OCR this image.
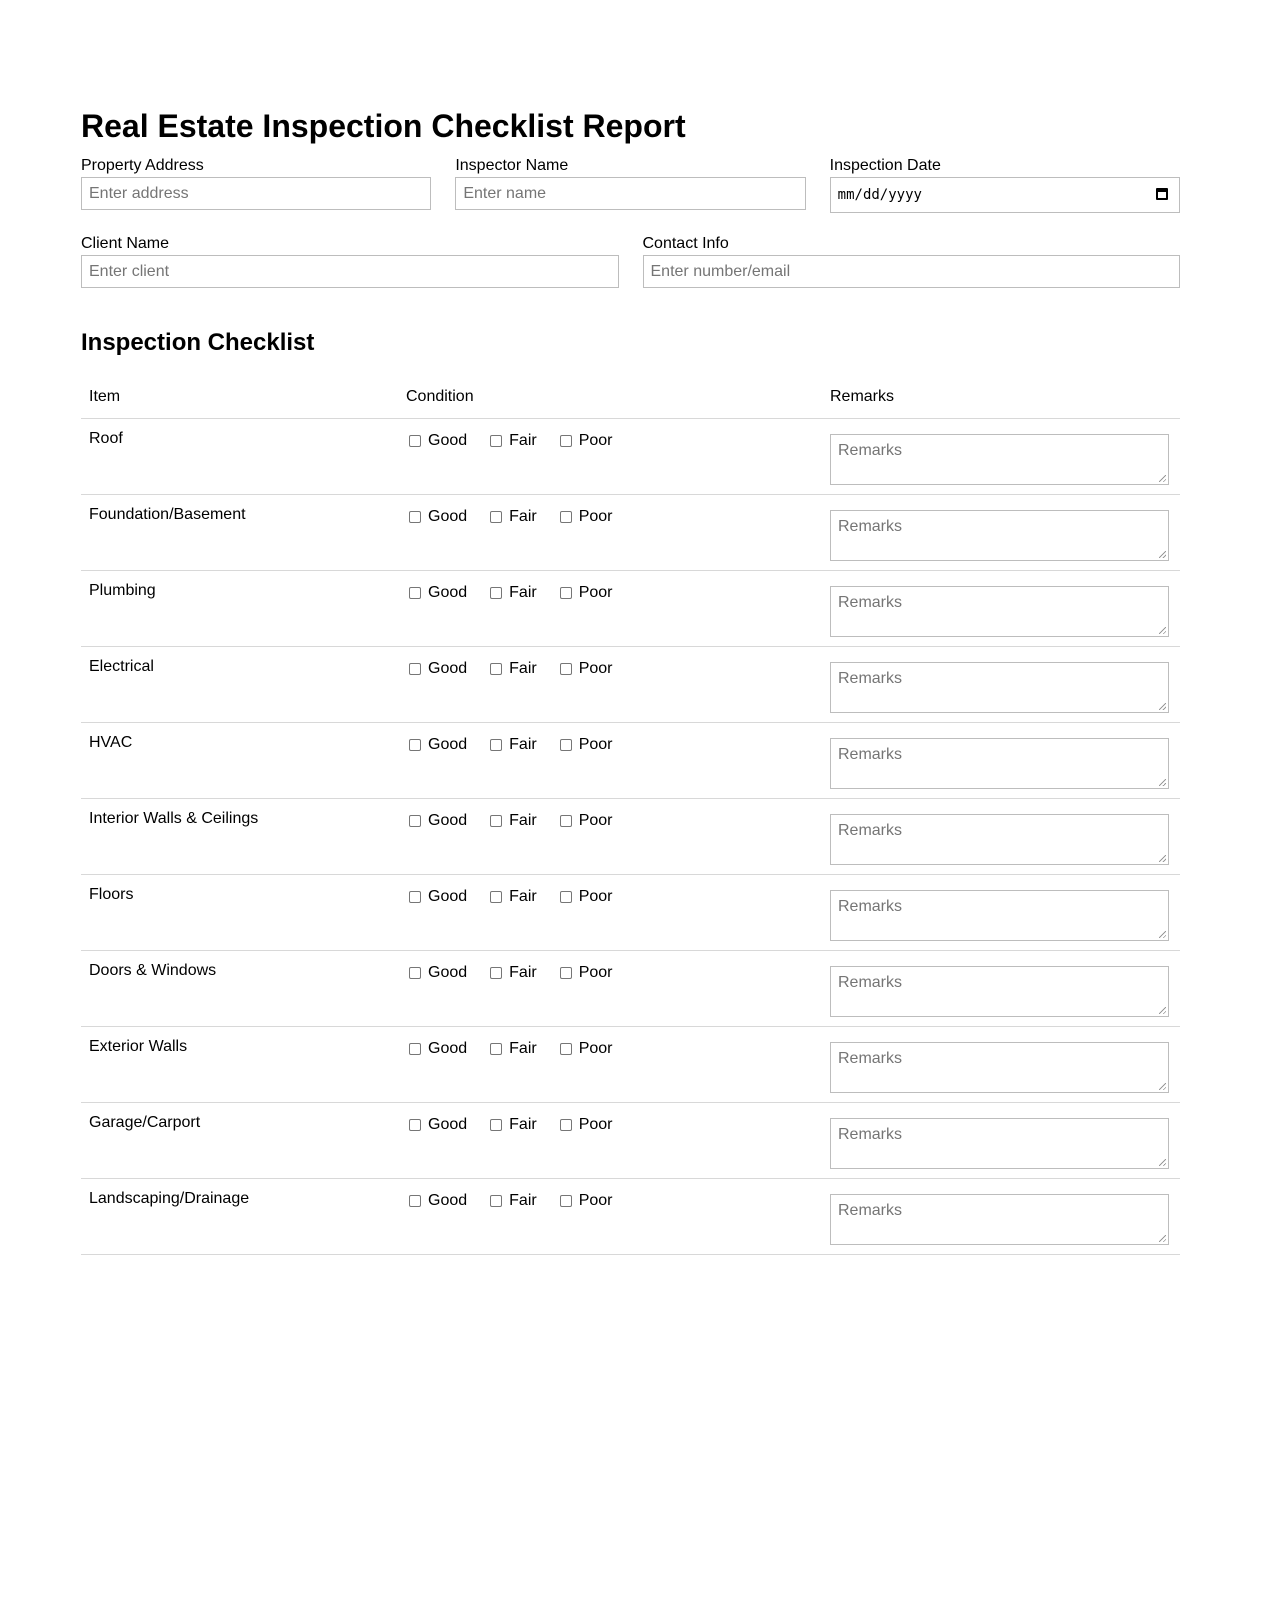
Real Estate Inspection Checklist Report
Property Address
Enter address	Inspector Name
Enter name	Inspection Date
mm/dd/yyyy
Client Name
Enter client	Contact Info
Enter number/email
Inspection Checklist
Item	Condition	Remarks
Roof	Good Fair Poor	Remarks

Foundation/Basement	Good Fair Poor	Remarks

Plumbing	Good Fair Poor	Remarks

Electrical	Good Fair Poor	Remarks

HVAC	Good Fair Poor	Remarks

Interior Walls & Ceilings	Good Fair Poor	Remarks

Floors	Good Fair Poor	Remarks

Doors & Windows	Good Fair Poor	Remarks

Exterior Walls	Good Fair Poor	Remarks

Garage/Carport	Good Fair Poor	Remarks

Landscaping/Drainage	Good Fair Poor	Remarks
